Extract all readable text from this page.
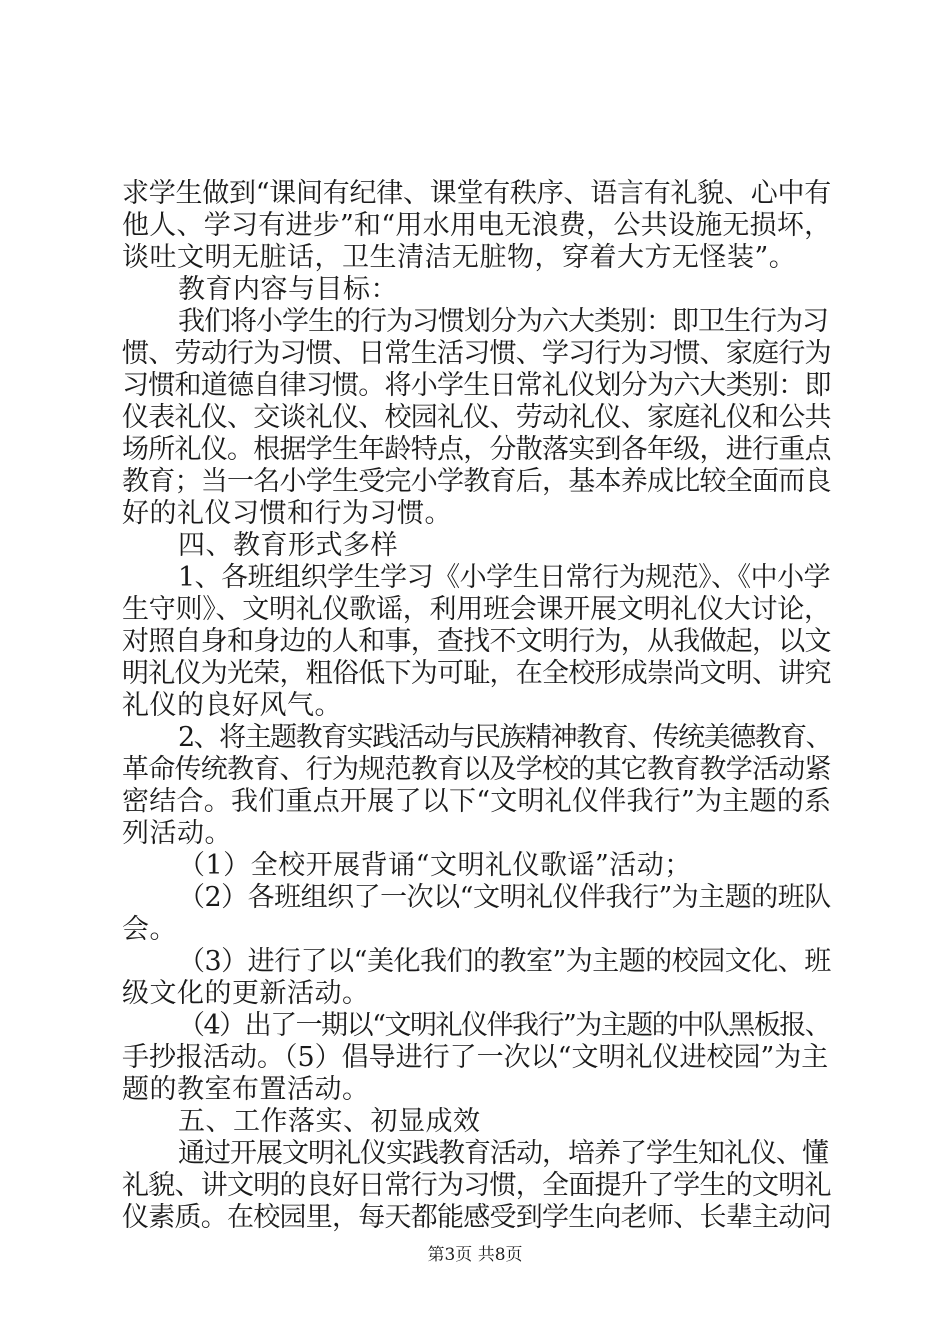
求学生做到“课间有纪律、课堂有秩序、语言有礼貌、心中有
他人、学习有进步”和“用水用电无浪费，公共设施无损坏，
谈吐文明无脏话，卫生清洁无脏物，穿着大方无怪装”。
教育内容与目标：
我们将小学生的行为习惯划分为六大类别：即卫生行为习
惯、劳动行为习惯、日常生活习惯、学习行为习惯、家庭行为
习惯和道德自律习惯。将小学生日常礼仪划分为六大类别：即
仪表礼仪、交谈礼仪、校园礼仪、劳动礼仪、家庭礼仪和公共
场所礼仪。根据学生年龄特点，分散落实到各年级，进行重点
教育；当一名小学生受完小学教育后，基本养成比较全面而良
好的礼仪习惯和行为习惯。
四、教育形式多样
1、各班组织学生学习《小学生日常行为规范》、《中小学
生守则》、文明礼仪歌谣，利用班会课开展文明礼仪大讨论，
对照自身和身边的人和事，查找不文明行为，从我做起，以文
明礼仪为光荣，粗俗低下为可耻，在全校形成崇尚文明、讲究
礼仪的良好风气。
2、将主题教育实践活动与民族精神教育、传统美德教育、
革命传统教育、行为规范教育以及学校的其它教育教学活动紧
密结合。我们重点开展了以下“文明礼仪伴我行”为主题的系
列活动。
（1）全校开展背诵“文明礼仪歌谣”活动；
（2）各班组织了一次以“文明礼仪伴我行”为主题的班队
会。
（3）进行了以“美化我们的教室”为主题的校园文化、班
级文化的更新活动。
（4）出了一期以“文明礼仪伴我行”为主题的中队黑板报、
手抄报活动。（5）倡导进行了一次以“文明礼仪进校园”为主
题的教室布置活动。
五、工作落实、初显成效
通过开展文明礼仪实践教育活动，培养了学生知礼仪、懂
礼貌、讲文明的良好日常行为习惯，全面提升了学生的文明礼
仪素质。在校园里，每天都能感受到学生向老师、长辈主动问
第3页 共8页
